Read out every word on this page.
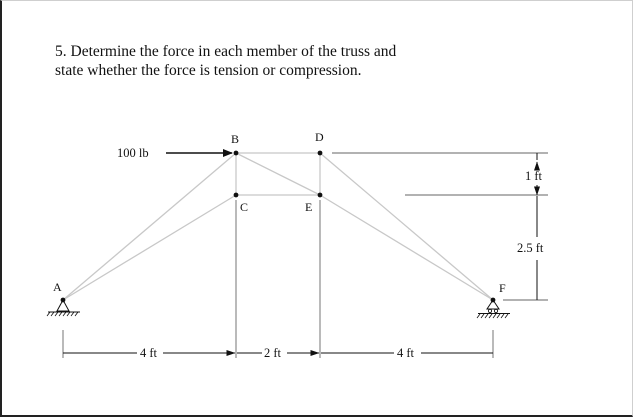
5. Determine the force in each member of the truss and
state whether the force is tension or compression.
A
B
C
D
E
F
100 lb
4 ft	2 ft	4 ft
1 ft
2.5 ft
